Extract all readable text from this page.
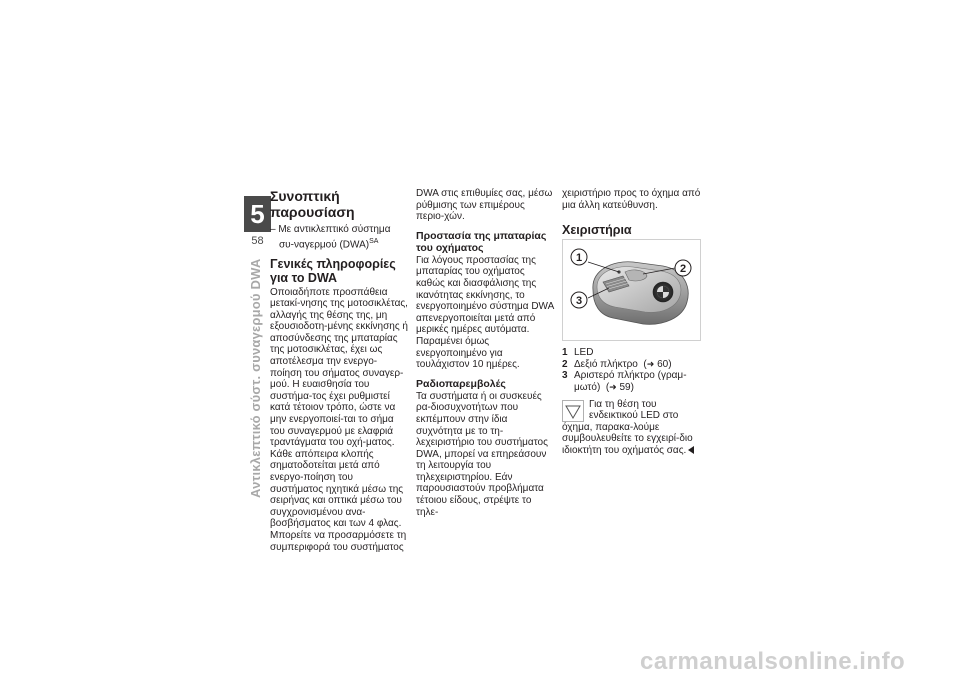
5
58
Αντικλεπτικό σύστ. συναγερμού DWA
Συνοπτική παρουσίαση

– Με αντικλεπτικό σύστημα συ-ναγερμού (DWA)$^{SA}$

Γενικές πληροφορίες για το DWA

Οποιαδήποτε προσπάθεια μετακί-νησης της μοτοσικλέτας, αλλαγής της θέσης της, μη εξουσιοδοτη-μένης εκκίνησης ή αποσύνδεσης της μπαταρίας της μοτοσικλέτας, έχει ως αποτέλεσμα την ενεργο-ποίηση του σήματος συναγερ-μού. Η ευαισθησία του συστήμα-τος έχει ρυθμιστεί κατά τέτοιον τρόπο, ώστε να μην ενεργοποιεί-ται το σήμα του συναγερμού με ελαφριά τραντάγματα του οχή-ματος. Κάθε απόπειρα κλοπής σηματοδοτείται μετά από ενεργο-ποίηση του συστήματος ηχητικά μέσω της σειρήνας και οπτικά μέσω του συγχρονισμένου ανα-βοσβήσματος και των 4 φλας. Μπορείτε να προσαρμόσετε τη συμπεριφορά του συστήματος

DWA στις επιθυμίες σας, μέσω ρύθμισης των επιμέρους περιο-χών.

Προστασία της μπαταρίας του οχήματος

Για λόγους προστασίας της μπαταρίας του οχήματος καθώς και διασφάλισης της ικανότητας εκκίνησης, το ενεργοποιημένο σύστημα DWA απενεργοποιείται μετά από μερικές ημέρες αυτόματα. Παραμένει όμως ενεργοποιημένο για τουλάχιστον 10 ημέρες.

Ραδιοπαρεμβολές

Τα συστήματα ή οι συσκευές ρα-διοσυχνοτήτων που εκπέμπουν στην ίδια συχνότητα με το τη-λεχειριστήριο του συστήματος DWA, μπορεί να επηρεάσουν τη λειτουργία του τηλεχειριστηρίου. Εάν παρουσιαστούν προβλήματα τέτοιου είδους, στρέψτε το τηλε-

χειριστήριο προς το όχημα από μια άλλη κατεύθυνση.

Χειριστήρια
1
2
3
1 LED
2 Δεξιό πλήκτρο  (➜ 60)
3 Αριστερό πλήκτρο (γραμ-μωτό)  (➜ 59)

Για τη θέση του ενδεικτικού LED στο όχημα, παρακα-λούμε συμβουλευθείτε το εγχειρί-διο ιδιοκτήτη του οχήματός σας.

carmanualsonline.info
